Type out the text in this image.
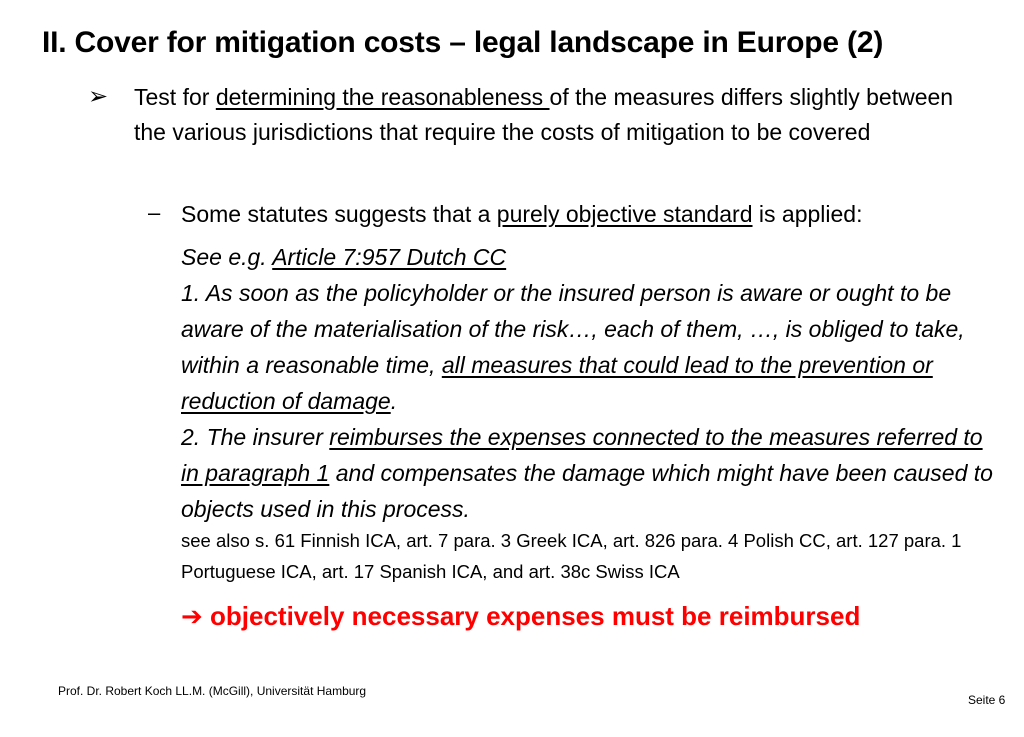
II. Cover for mitigation costs – legal landscape in Europe (2)
➢ Test for determining the reasonableness of the measures differs slightly between the various jurisdictions that require the costs of mitigation to be covered
– Some statutes suggests that a purely objective standard is applied:
See e.g. Article 7:957 Dutch CC
1. As soon as the policyholder or the insured person is aware or ought to be aware of the materialisation of the risk…, each of them, …, is obliged to take, within a reasonable time, all measures that could lead to the prevention or reduction of damage.
2. The insurer reimburses the expenses connected to the measures referred to in paragraph 1 and compensates the damage which might have been caused to objects used in this process.
see also s. 61 Finnish ICA, art. 7 para. 3 Greek ICA, art. 826 para. 4 Polish CC, art. 127 para. 1 Portuguese ICA, art. 17 Spanish ICA, and art. 38c Swiss ICA
➔ objectively necessary expenses must be reimbursed
Prof. Dr. Robert Koch LL.M. (McGill), Universität Hamburg
Seite 6
